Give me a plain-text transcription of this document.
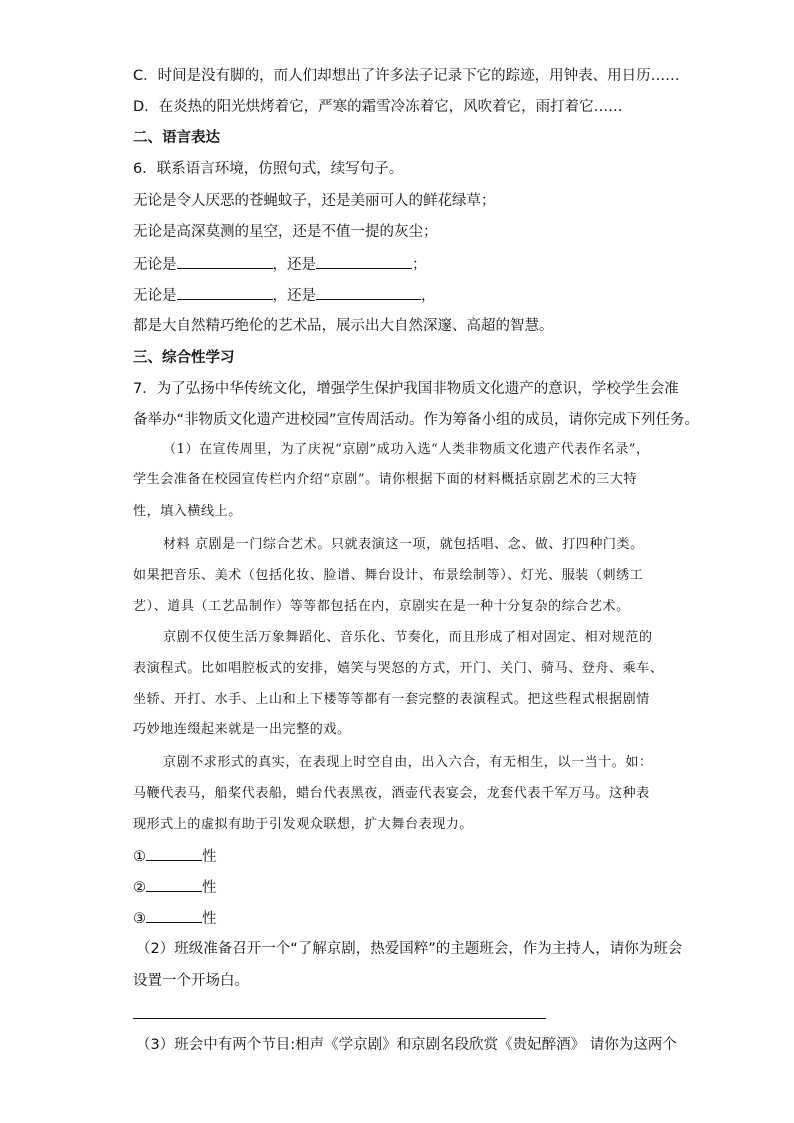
C．时间是没有脚的，而人们却想出了许多法子记录下它的踪迹，用钟表、用日历……
D．在炎热的阳光烘烤着它，严寒的霜雪冷冻着它，风吹着它，雨打着它……
二、语言表达
6．联系语言环境，仿照句式，续写句子。
无论是令人厌恶的苍蝇蚊子，还是美丽可人的鲜花绿草；
无论是高深莫测的星空，还是不值一提的灰尘；
无论是	，还是	；
无论是	，还是	，
都是大自然精巧绝伦的艺术品，展示出大自然深邃、高超的智慧。
三、综合性学习
7．为了弘扬中华传统文化，增强学生保护我国非物质文化遗产的意识，学校学生会准
备举办“非物质文化遗产进校园”宣传周活动。作为筹备小组的成员，请你完成下列任务。
（1）在宣传周里，为了庆祝“京剧”成功入选“人类非物质文化遗产代表作名录”，
学生会准备在校园宣传栏内介绍“京剧”。请你根据下面的材料概括京剧艺术的三大特
性，填入横线上。
材料 京剧是一门综合艺术。只就表演这一项，就包括唱、念、做、打四种门类。
如果把音乐、美术（包括化妆、脸谱、舞台设计、布景绘制等）、灯光、服装（刺绣工
艺）、道具（工艺品制作）等等都包括在内，京剧实在是一种十分复杂的综合艺术。
京剧不仅使生活万象舞蹈化、音乐化、节奏化，而且形成了相对固定、相对规范的
表演程式。比如唱腔板式的安排，嬉笑与哭怒的方式，开门、关门、骑马、登舟、乘车、
坐轿、开打、水手、上山和上下楼等等都有一套完整的表演程式。把这些程式根据剧情
巧妙地连缀起来就是一出完整的戏。
京剧不求形式的真实，在表现上时空自由，出入六合，有无相生，以一当十。如：
马鞭代表马，船桨代表船，蜡台代表黑夜，酒壶代表宴会，龙套代表千军万马。这种表
现形式上的虚拟有助于引发观众联想，扩大舞台表现力。
①	性
②	性
③	性
（2）班级准备召开一个“了解京剧，热爱国粹”的主题班会，作为主持人，请你为班会
设置一个开场白。
（3）班会中有两个节目:相声《学京剧》和京剧名段欣赏《贵妃醉酒》 请你为这两个
